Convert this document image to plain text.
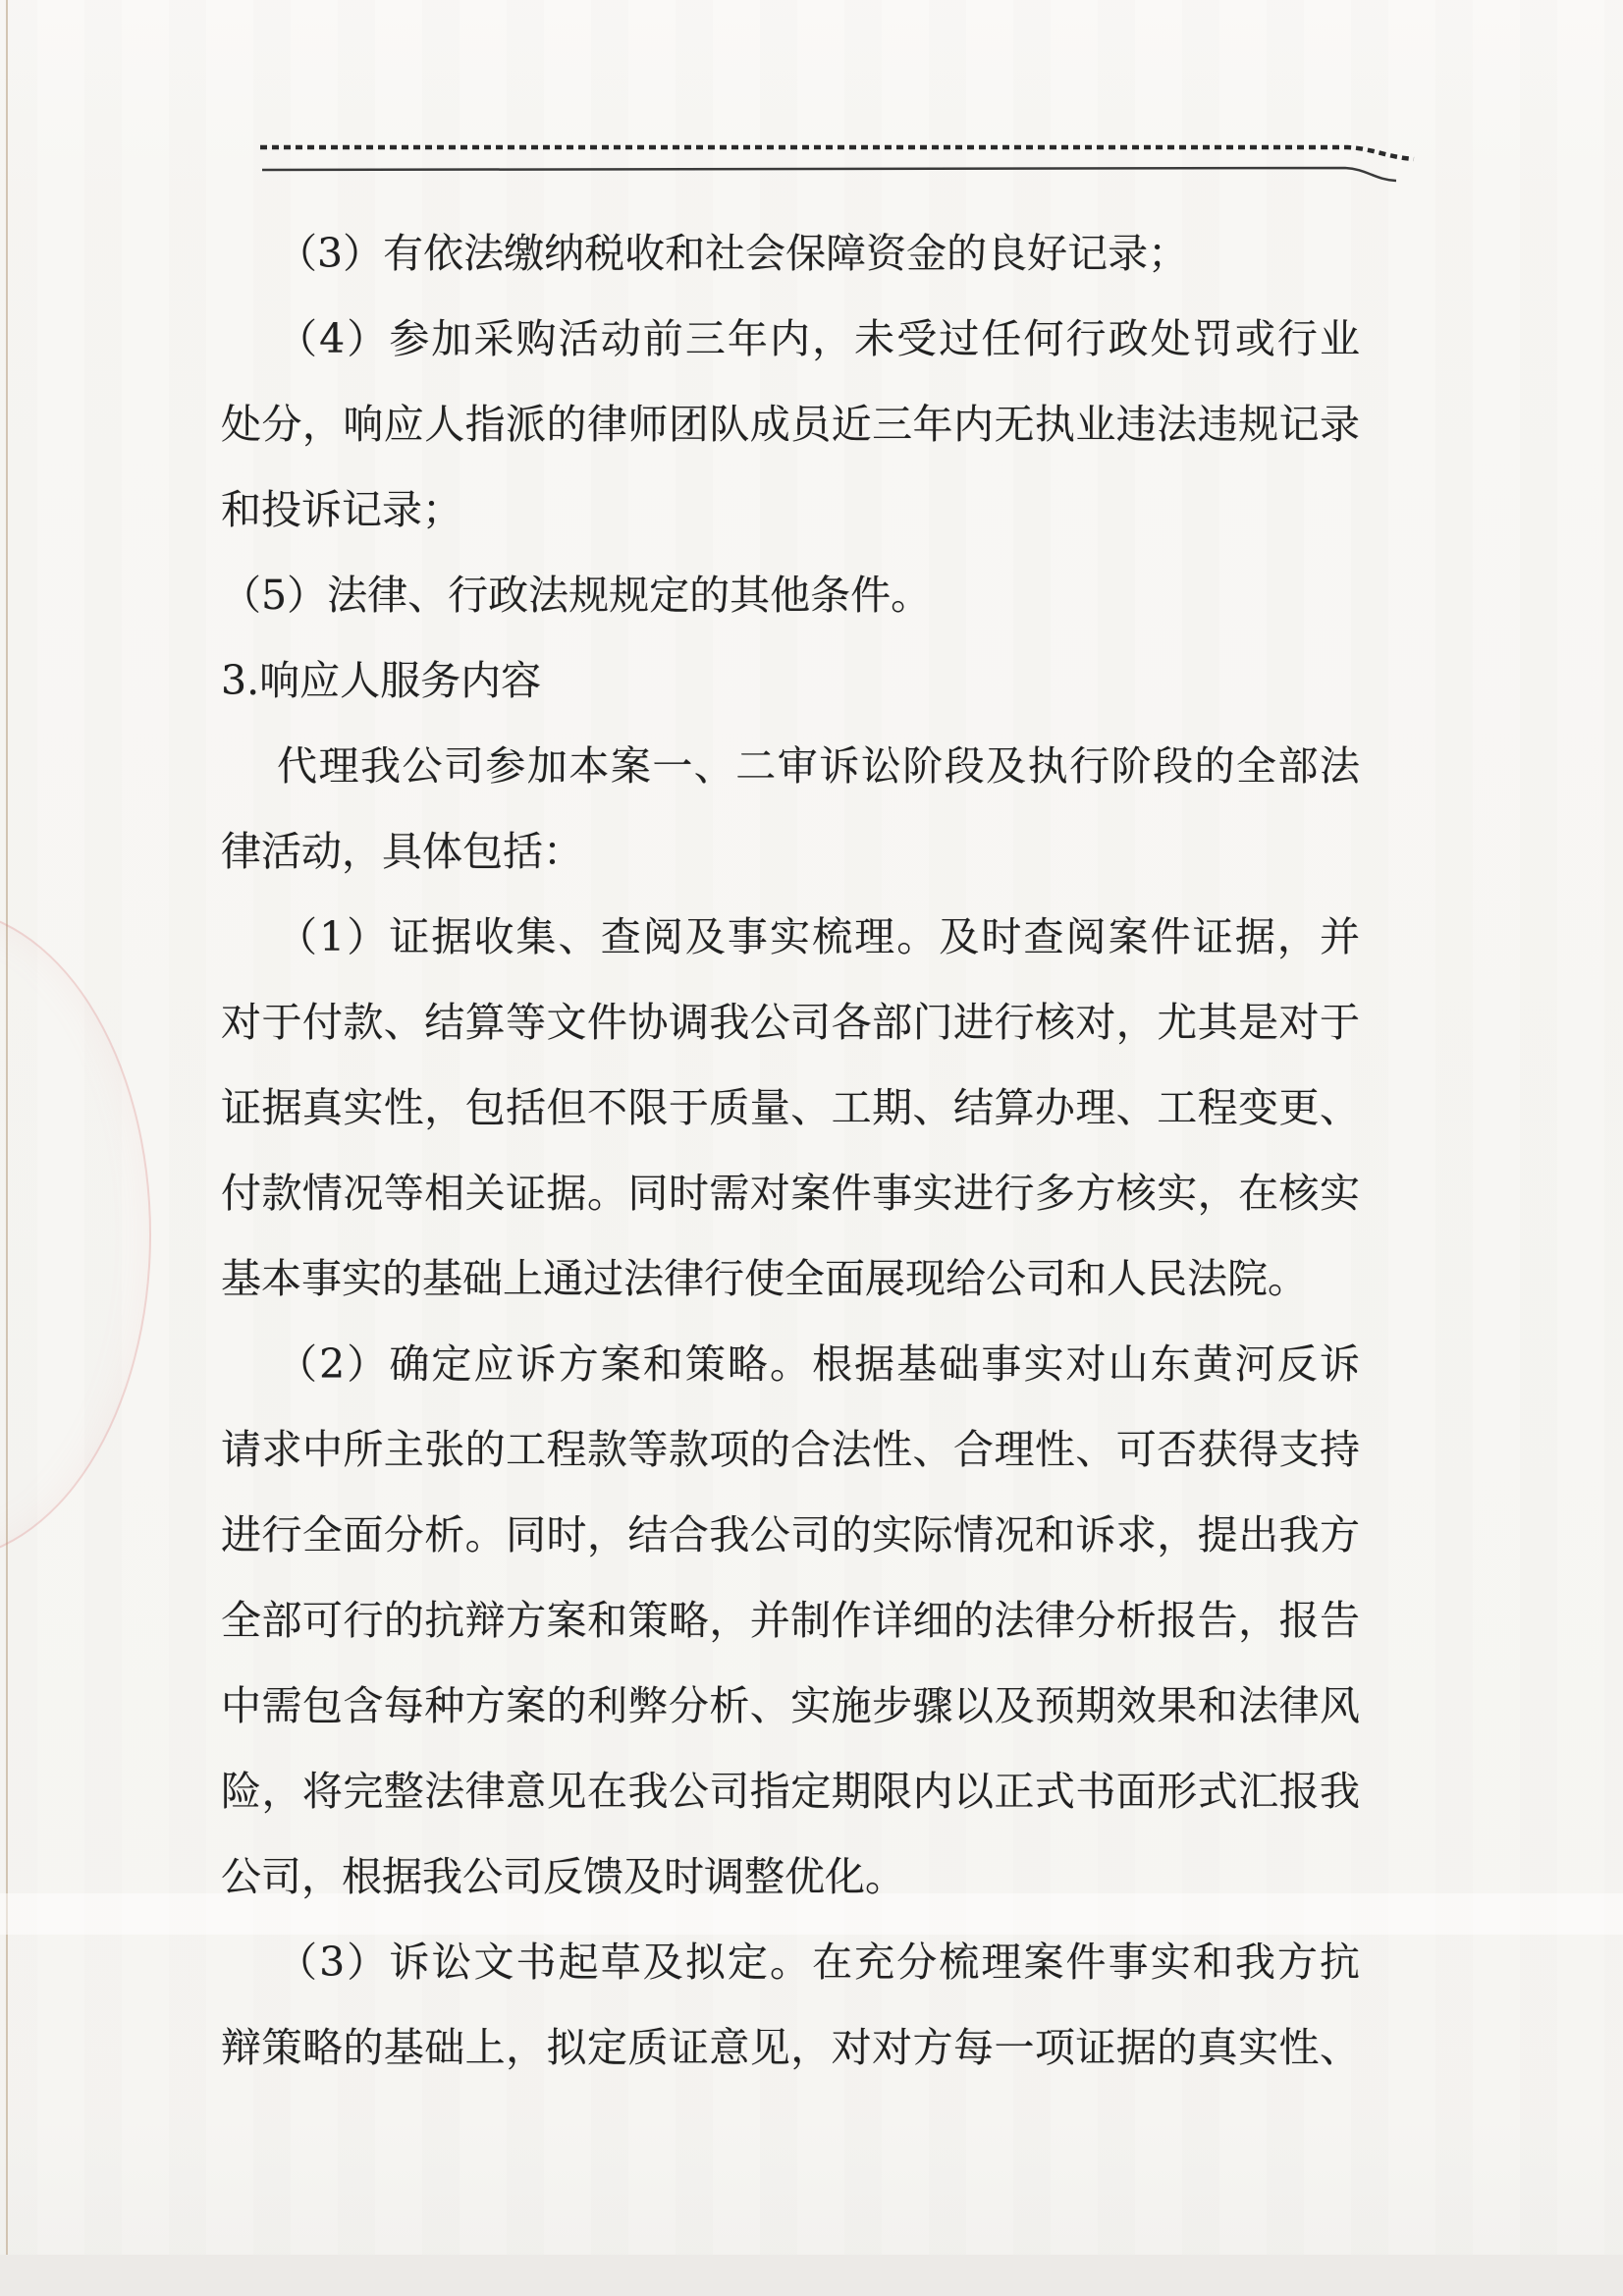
（3）有依法缴纳税收和社会保障资金的良好记录；
（4）参加采购活动前三年内，未受过任何行政处罚或行业
处分，响应人指派的律师团队成员近三年内无执业违法违规记录
和投诉记录；
（5）法律、行政法规规定的其他条件。
3.响应人服务内容
代理我公司参加本案一、二审诉讼阶段及执行阶段的全部法
律活动，具体包括：
（1）证据收集、查阅及事实梳理。及时查阅案件证据，并
对于付款、结算等文件协调我公司各部门进行核对，尤其是对于
证据真实性，包括但不限于质量、工期、结算办理、工程变更、
付款情况等相关证据。同时需对案件事实进行多方核实，在核实
基本事实的基础上通过法律行使全面展现给公司和人民法院。
（2）确定应诉方案和策略。根据基础事实对山东黄河反诉
请求中所主张的工程款等款项的合法性、合理性、可否获得支持
进行全面分析。同时，结合我公司的实际情况和诉求，提出我方
全部可行的抗辩方案和策略，并制作详细的法律分析报告，报告
中需包含每种方案的利弊分析、实施步骤以及预期效果和法律风
险，将完整法律意见在我公司指定期限内以正式书面形式汇报我
公司，根据我公司反馈及时调整优化。
（3）诉讼文书起草及拟定。在充分梳理案件事实和我方抗
辩策略的基础上，拟定质证意见，对对方每一项证据的真实性、
